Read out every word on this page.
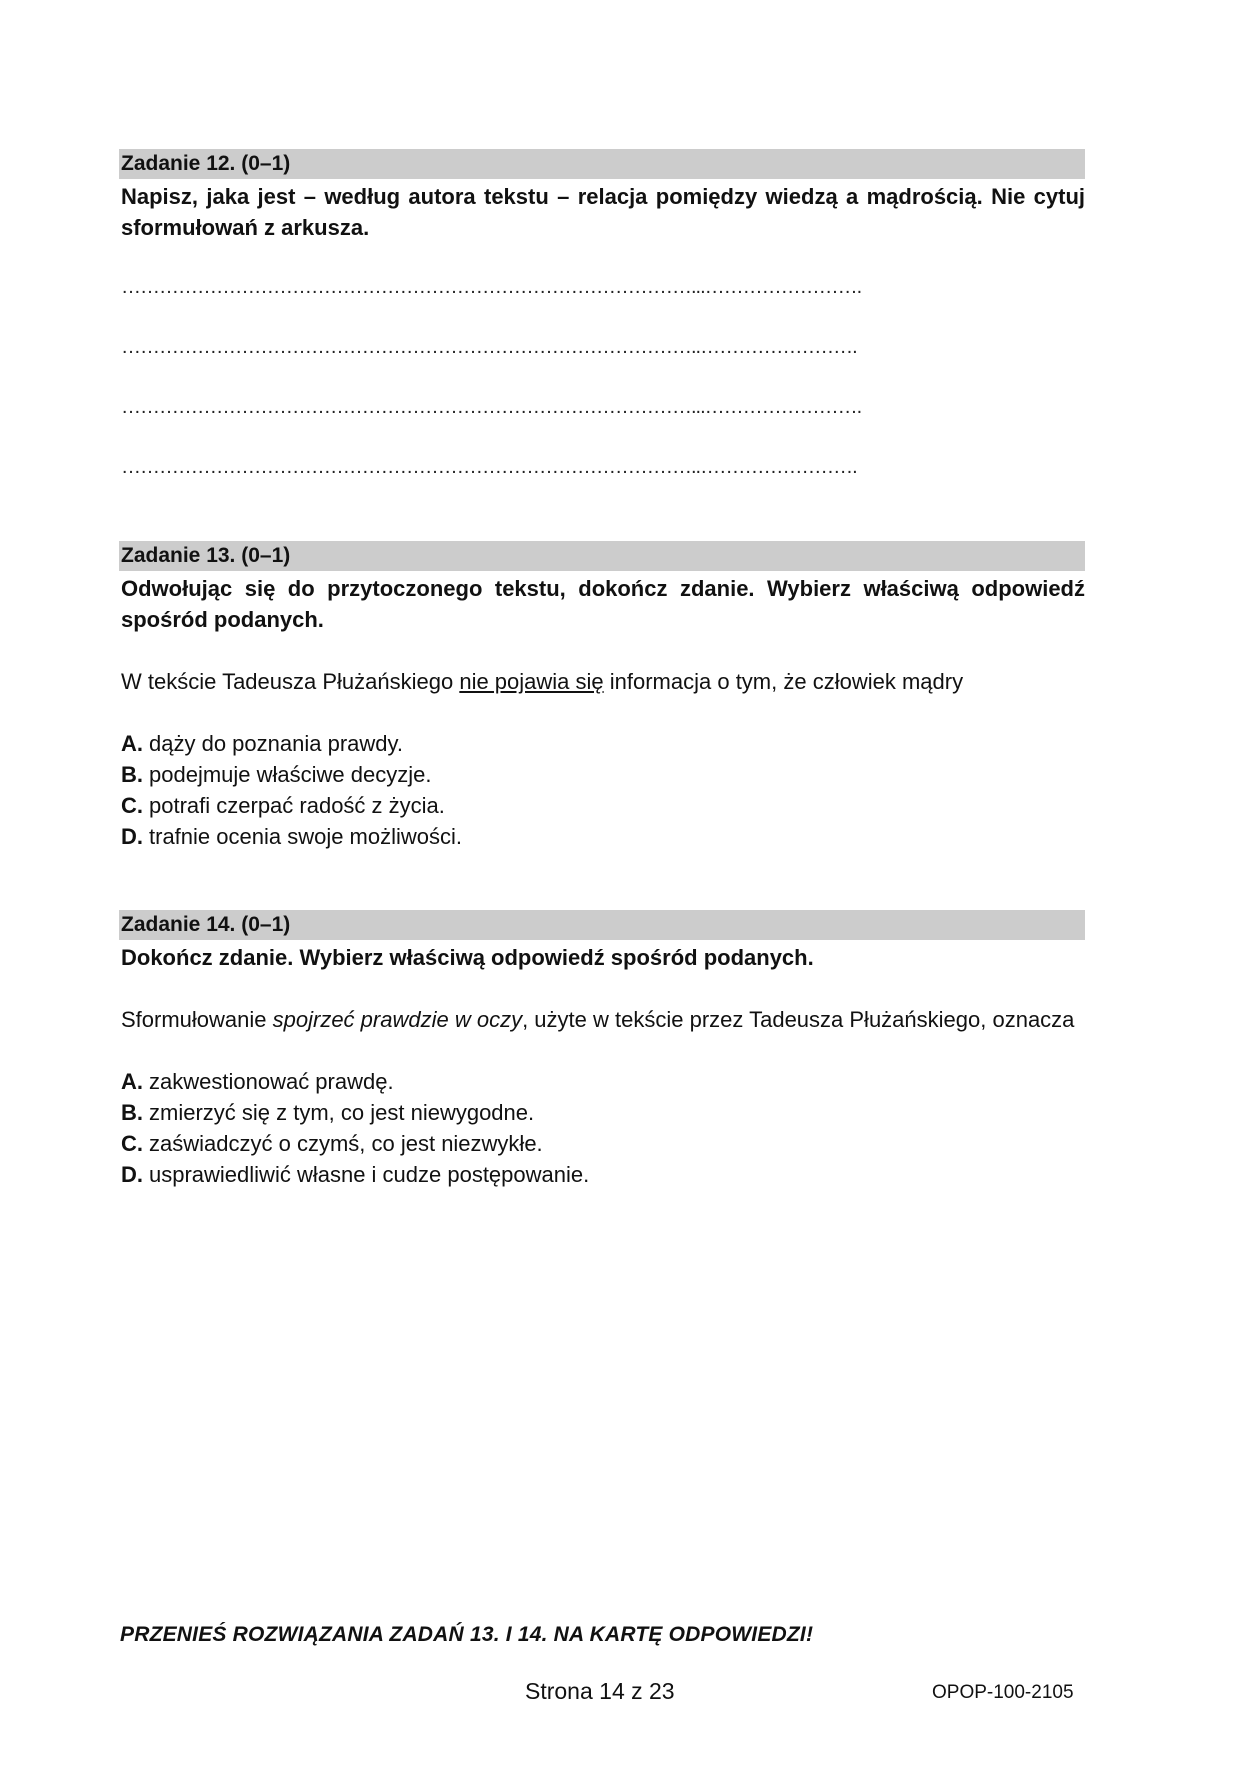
Zadanie 12. (0–1)

Napisz, jaka jest – według autora tekstu – relacja pomiędzy wiedzą a mądrością. Nie cytuj sformułowań z arkusza.

………………………………………………………………………………...…………………….
………………………………………………………………………………..…………………….
………………………………………………………………………………...…………………….
………………………………………………………………………………..…………………….
Zadanie 13. (0–1)

Odwołując się do przytoczonego tekstu, dokończ zdanie. Wybierz właściwą odpowiedź spośród podanych.

W tekście Tadeusza Płużańskiego nie pojawia się informacja o tym, że człowiek mądry

A. dąży do poznania prawdy.
B. podejmuje właściwe decyzje.
C. potrafi czerpać radość z życia.
D. trafnie ocenia swoje możliwości.
Zadanie 14. (0–1)

Dokończ zdanie. Wybierz właściwą odpowiedź spośród podanych.

Sformułowanie spojrzeć prawdzie w oczy, użyte w tekście przez Tadeusza Płużańskiego, oznacza

A. zakwestionować prawdę.
B. zmierzyć się z tym, co jest niewygodne.
C. zaświadczyć o czymś, co jest niezwykłe.
D. usprawiedliwić własne i cudze postępowanie.
PRZENIEŚ ROZWIĄZANIA ZADAŃ 13. I 14. NA KARTĘ ODPOWIEDZI!
Strona 14 z 23	OPOP-100-2105
